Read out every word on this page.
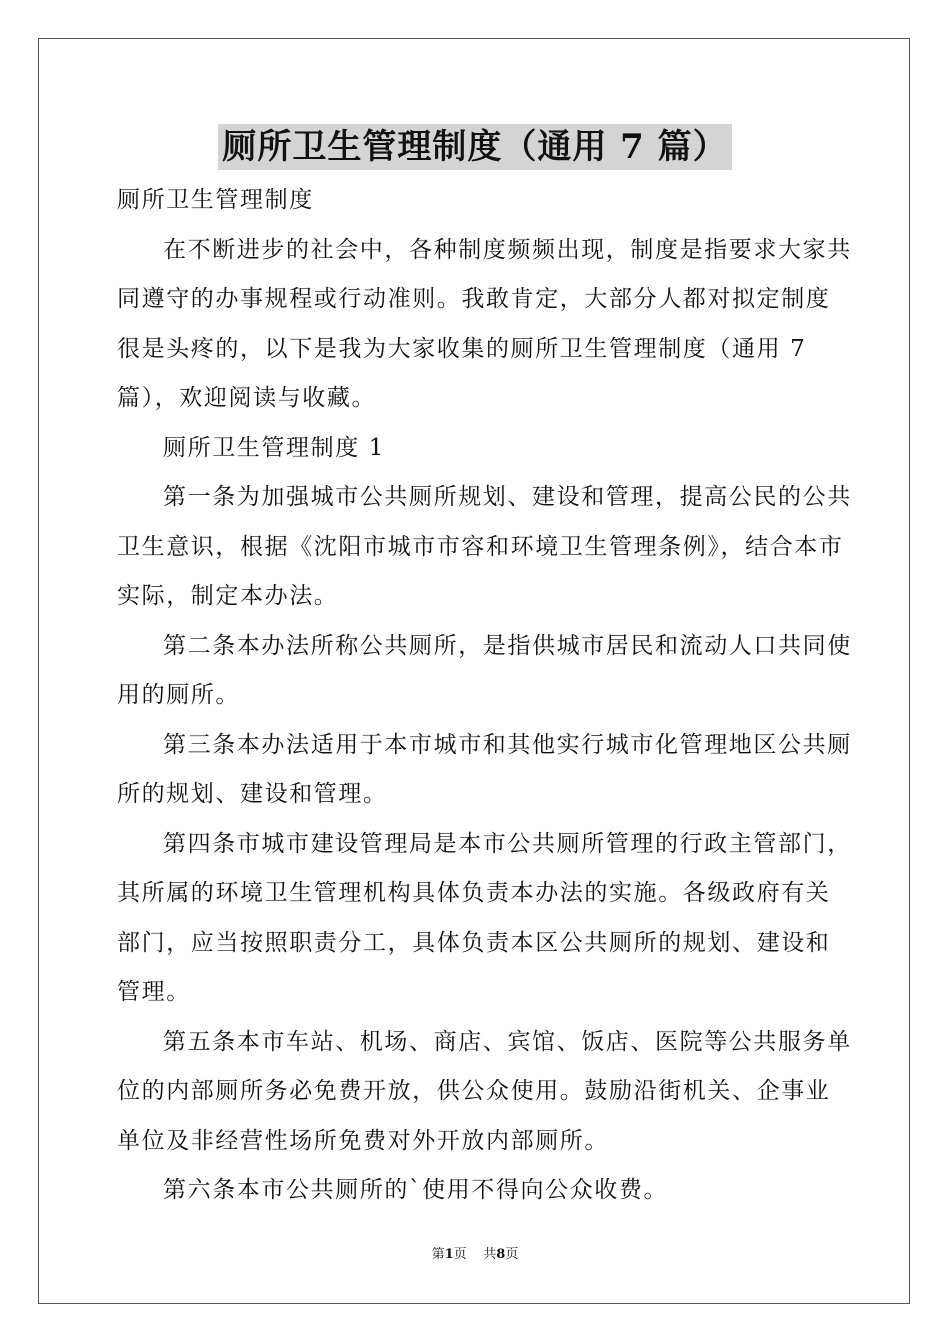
厕所卫生管理制度（通用 7 篇）

厕所卫生管理制度

在不断进步的社会中，各种制度频频出现，制度是指要求大家共同遵守的办事规程或行动准则。我敢肯定，大部分人都对拟定制度很是头疼的，以下是我为大家收集的厕所卫生管理制度（通用 7 篇），欢迎阅读与收藏。

厕所卫生管理制度 1

第一条为加强城市公共厕所规划、建设和管理，提高公民的公共卫生意识，根据《沈阳市城市市容和环境卫生管理条例》，结合本市实际，制定本办法。

第二条本办法所称公共厕所，是指供城市居民和流动人口共同使用的厕所。

第三条本办法适用于本市城市和其他实行城市化管理地区公共厕所的规划、建设和管理。

第四条市城市建设管理局是本市公共厕所管理的行政主管部门，其所属的环境卫生管理机构具体负责本办法的实施。各级政府有关部门，应当按照职责分工，具体负责本区公共厕所的规划、建设和管理。

第五条本市车站、机场、商店、宾馆、饭店、医院等公共服务单位的内部厕所务必免费开放，供公众使用。鼓励沿街机关、企事业单位及非经营性场所免费对外开放内部厕所。

第六条本市公共厕所的`使用不得向公众收费。

第1页 共8页
